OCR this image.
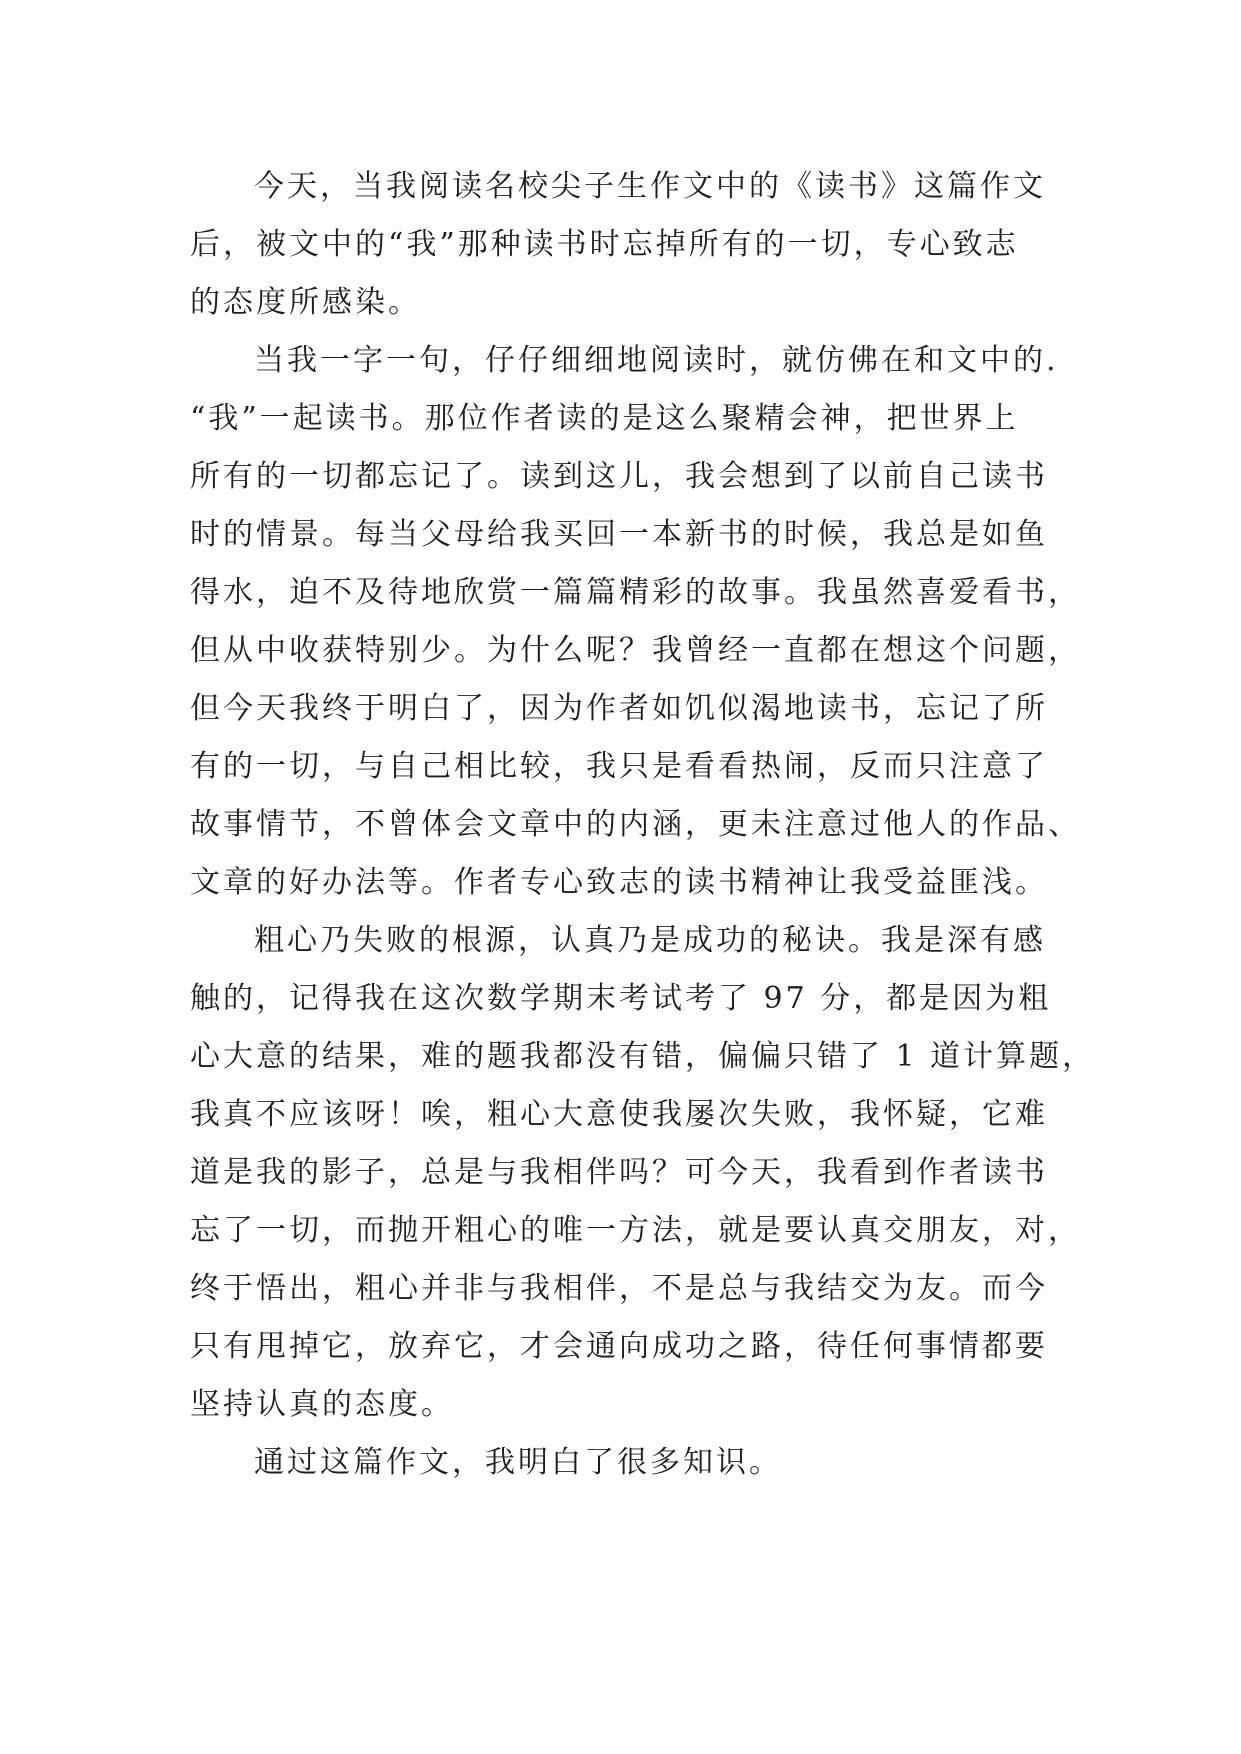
今天，当我阅读名校尖子生作文中的《读书》这篇作文
后，被文中的“我”那种读书时忘掉所有的一切，专心致志
的态度所感染。
当我一字一句，仔仔细细地阅读时，就仿佛在和文中的.
“我”一起读书。那位作者读的是这么聚精会神，把世界上
所有的一切都忘记了。读到这儿，我会想到了以前自己读书
时的情景。每当父母给我买回一本新书的时候，我总是如鱼
得水，迫不及待地欣赏一篇篇精彩的故事。我虽然喜爱看书，
但从中收获特别少。为什么呢？我曾经一直都在想这个问题，
但今天我终于明白了，因为作者如饥似渴地读书，忘记了所
有的一切，与自己相比较，我只是看看热闹，反而只注意了
故事情节，不曾体会文章中的内涵，更未注意过他人的作品、
文章的好办法等。作者专心致志的读书精神让我受益匪浅。
粗心乃失败的根源，认真乃是成功的秘诀。我是深有感
触的，记得我在这次数学期末考试考了 97 分，都是因为粗
心大意的结果，难的题我都没有错，偏偏只错了 1 道计算题，
我真不应该呀！唉，粗心大意使我屡次失败，我怀疑，它难
道是我的影子，总是与我相伴吗？可今天，我看到作者读书
忘了一切，而抛开粗心的唯一方法，就是要认真交朋友，对，
终于悟出，粗心并非与我相伴，不是总与我结交为友。而今
只有甩掉它，放弃它，才会通向成功之路，待任何事情都要
坚持认真的态度。
通过这篇作文，我明白了很多知识。
